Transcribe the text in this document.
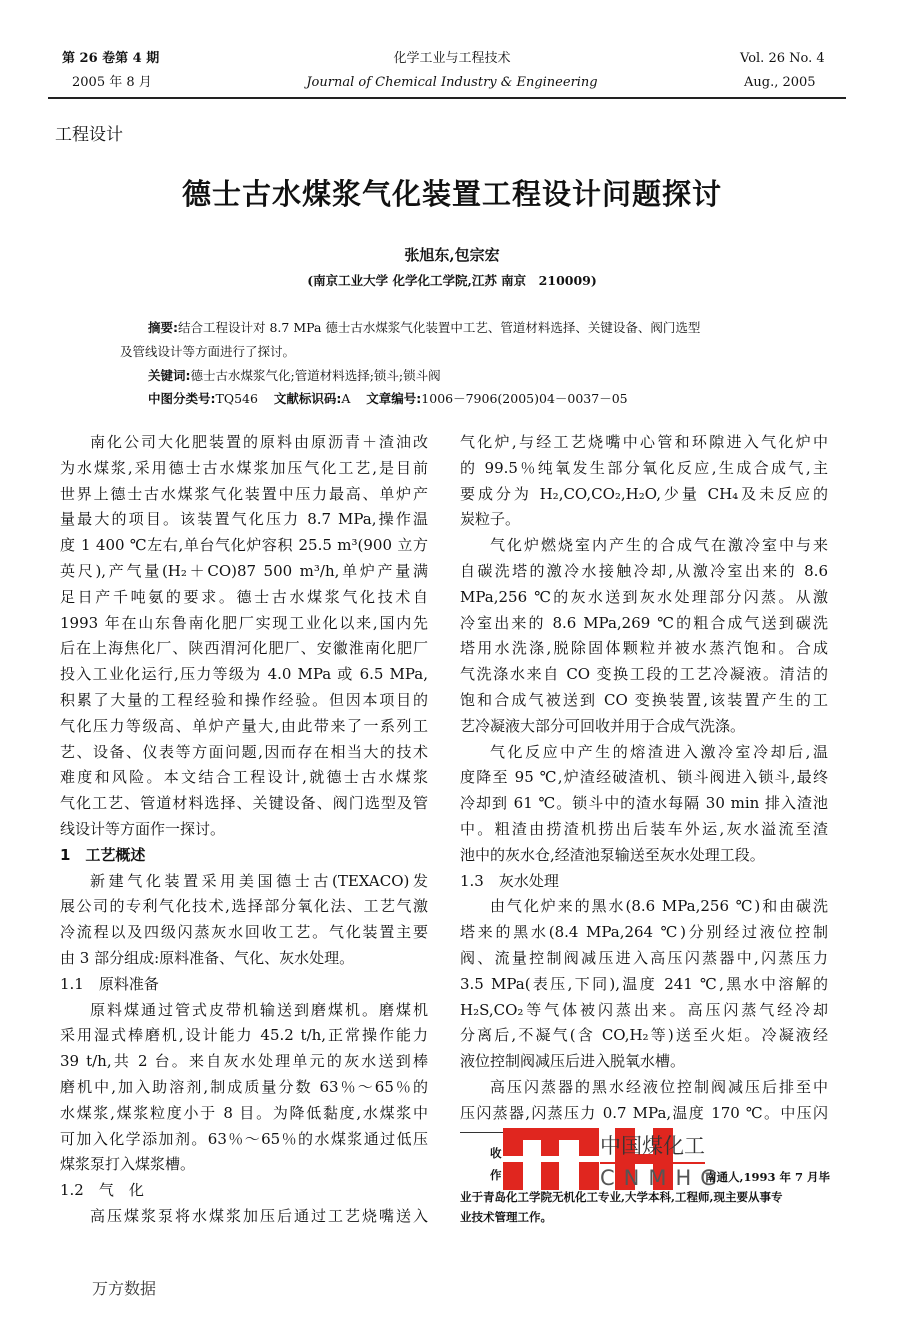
第 26 卷第 4 期
2005 年 8 月
化学工业与工程技术
Journal of Chemical Industry & Engineering
Vol. 26 No. 4
Aug., 2005
工程设计
德士古水煤浆气化装置工程设计问题探讨
张旭东,包宗宏
(南京工业大学 化学化工学院,江苏 南京　210009)
摘要:结合工程设计对 8.7 MPa 德士古水煤浆气化装置中工艺、管道材料选择、关键设备、阀门选型
及管线设计等方面进行了探讨。
关键词:德士古水煤浆气化;管道材料选择;锁斗;锁斗阀
中图分类号:TQ546 文献标识码:A 文章编号:1006－7906(2005)04－0037－05
南化公司大化肥装置的原料由原沥青＋渣油改
为水煤浆,采用德士古水煤浆加压气化工艺,是目前
世界上德士古水煤浆气化装置中压力最高、单炉产
量最大的项目。该装置气化压力 8.7 MPa,操作温
度 1 400 ℃左右,单台气化炉容积 25.5 m³(900 立方
英尺),产气量(H₂＋CO)87 500 m³/h,单炉产量满
足日产千吨氨的要求。德士古水煤浆气化技术自
1993 年在山东鲁南化肥厂实现工业化以来,国内先
后在上海焦化厂、陕西渭河化肥厂、安徽淮南化肥厂
投入工业化运行,压力等级为 4.0 MPa 或 6.5 MPa,
积累了大量的工程经验和操作经验。但因本项目的
气化压力等级高、单炉产量大,由此带来了一系列工
艺、设备、仪表等方面问题,因而存在相当大的技术
难度和风险。本文结合工程设计,就德士古水煤浆
气化工艺、管道材料选择、关键设备、阀门选型及管
线设计等方面作一探讨。
1　工艺概述
新建气化装置采用美国德士古(TEXACO)发
展公司的专利气化技术,选择部分氧化法、工艺气激
冷流程以及四级闪蒸灰水回收工艺。气化装置主要
由 3 部分组成:原料准备、气化、灰水处理。
1.1　原料准备
原料煤通过管式皮带机输送到磨煤机。磨煤机
采用湿式棒磨机,设计能力 45.2 t/h,正常操作能力
39 t/h,共 2 台。来自灰水处理单元的灰水送到棒
磨机中,加入助溶剂,制成质量分数 63％～65％的
水煤浆,煤浆粒度小于 8 目。为降低黏度,水煤浆中
可加入化学添加剂。63％～65％的水煤浆通过低压
煤浆泵打入煤浆槽。
1.2　气　化
高压煤浆泵将水煤浆加压后通过工艺烧嘴送入
气化炉,与经工艺烧嘴中心管和环隙进入气化炉中
的 99.5％纯氧发生部分氧化反应,生成合成气,主
要成分为 H₂,CO,CO₂,H₂O,少量 CH₄及未反应的
炭粒子。
气化炉燃烧室内产生的合成气在激冷室中与来
自碳洗塔的激冷水接触冷却,从激冷室出来的 8.6
MPa,256 ℃的灰水送到灰水处理部分闪蒸。从激
冷室出来的 8.6 MPa,269 ℃的粗合成气送到碳洗
塔用水洗涤,脱除固体颗粒并被水蒸汽饱和。合成
气洗涤水来自 CO 变换工段的工艺冷凝液。清洁的
饱和合成气被送到 CO 变换装置,该装置产生的工
艺冷凝液大部分可回收并用于合成气洗涤。
气化反应中产生的熔渣进入激冷室冷却后,温
度降至 95 ℃,炉渣经破渣机、锁斗阀进入锁斗,最终
冷却到 61 ℃。锁斗中的渣水每隔 30 min 排入渣池
中。粗渣由捞渣机捞出后装车外运,灰水溢流至渣
池中的灰水仓,经渣池泵输送至灰水处理工段。
1.3　灰水处理
由气化炉来的黑水(8.6 MPa,256 ℃)和由碳洗
塔来的黑水(8.4 MPa,264 ℃)分别经过液位控制
阀、流量控制阀减压进入高压闪蒸器中,闪蒸压力
3.5 MPa(表压,下同),温度 241 ℃,黑水中溶解的
H₂S,CO₂等气体被闪蒸出来。高压闪蒸气经冷却
分离后,不凝气(含 CO,H₂等)送至火炬。冷凝液经
液位控制阀减压后进入脱氧水槽。
高压闪蒸器的黑水经液位控制阀减压后排至中
压闪蒸器,闪蒸压力 0.7 MPa,温度 170 ℃。中压闪
收
作
中国煤化工
CNMHG
南通人,1993 年 7 月毕
业于青岛化工学院无机化工专业,大学本科,工程师,现主要从事专
业技术管理工作。
万方数据
